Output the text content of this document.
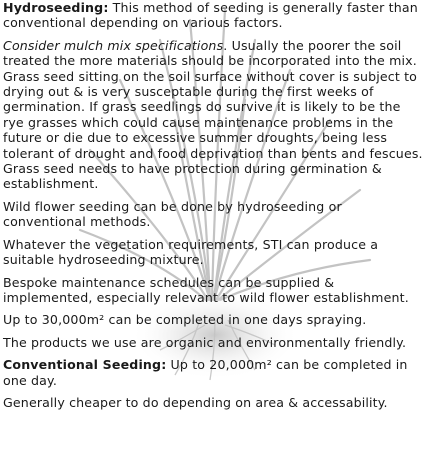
Hydroseeding: This method of seeding is generally faster than conventional depending on various factors.

Consider mulch mix specifications. Usually the poorer the soil treated the more materials should be incorporated into the mix. Grass seed sitting on the soil surface without cover is subject to drying out & is very susceptable during the first weeks of germination. If grass seedlings do survive it is likely to be the rye grasses which could cause maintenance problems in the future or die due to excessive summer droughts, being less tolerant of drought and food deprivation than bents and fescues. Grass seed needs to have protection during germination & establishment.

Wild flower seeding can be done by hydroseeding or conventional methods.

Whatever the vegetation requirements, STI can produce a suitable hydroseeding mixture.

Bespoke maintenance schedules can be supplied & implemented, especially relevant to wild flower establishment.

Up to 30,000m² can be completed in one days spraying.

The products we use are organic and environmentally friendly.

Conventional Seeding: Up to 20,000m² can be completed in one day.

Generally cheaper to do depending on area & accessability.
